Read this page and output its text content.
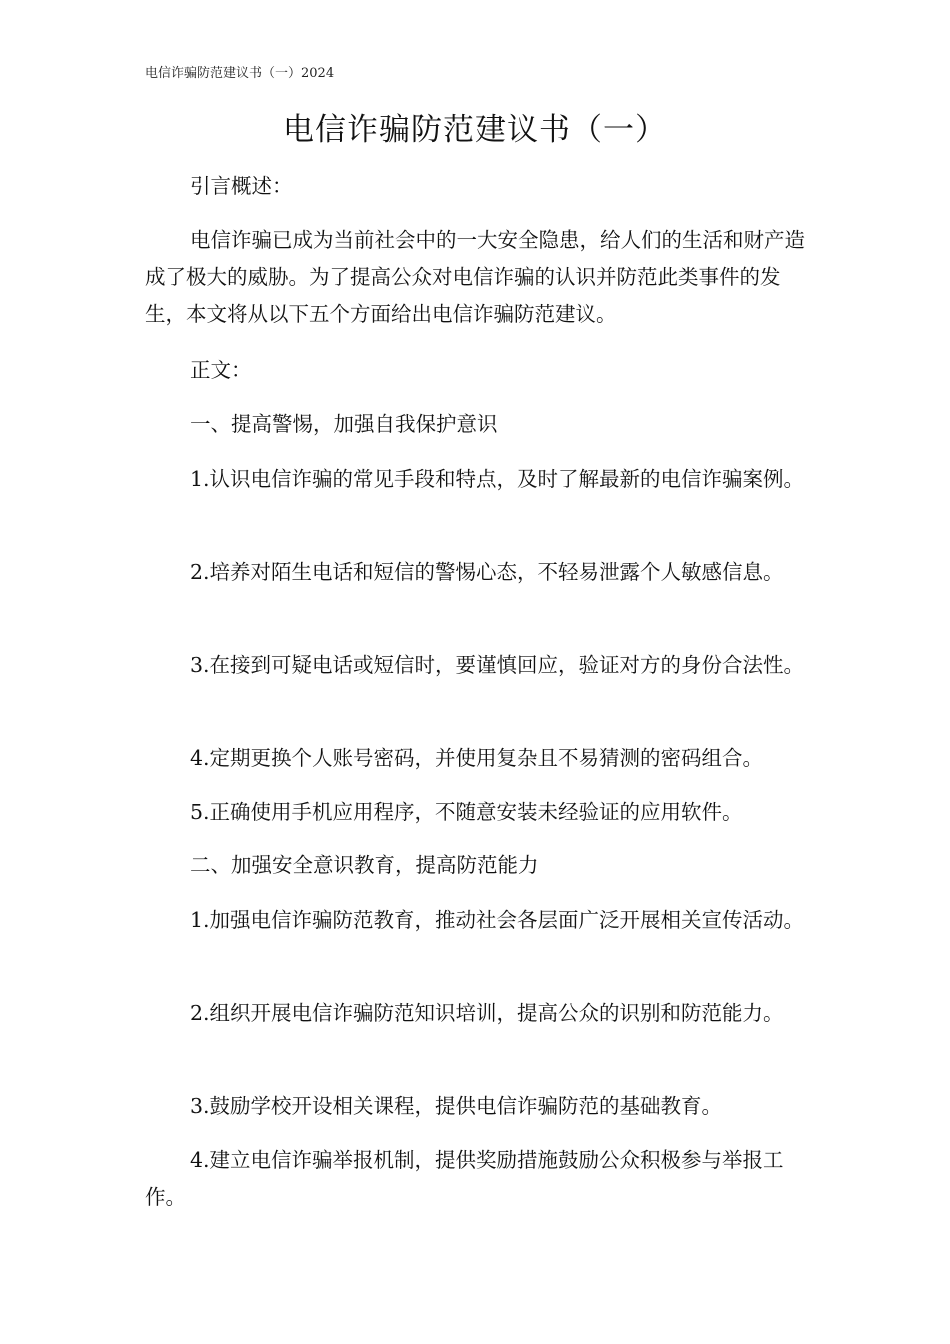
电信诈骗防范建议书（一）2024
电信诈骗防范建议书（一）

引言概述：

电信诈骗已成为当前社会中的一大安全隐患，给人们的生活和财产造成了极大的威胁。为了提高公众对电信诈骗的认识并防范此类事件的发生，本文将从以下五个方面给出电信诈骗防范建议。

正文：

一、提高警惕，加强自我保护意识

1.认识电信诈骗的常见手段和特点，及时了解最新的电信诈骗案例。

2.培养对陌生电话和短信的警惕心态，不轻易泄露个人敏感信息。

3.在接到可疑电话或短信时，要谨慎回应，验证对方的身份合法性。

4.定期更换个人账号密码，并使用复杂且不易猜测的密码组合。

5.正确使用手机应用程序，不随意安装未经验证的应用软件。

二、加强安全意识教育，提高防范能力

1.加强电信诈骗防范教育，推动社会各层面广泛开展相关宣传活动。

2.组织开展电信诈骗防范知识培训，提高公众的识别和防范能力。

3.鼓励学校开设相关课程，提供电信诈骗防范的基础教育。

4.建立电信诈骗举报机制，提供奖励措施鼓励公众积极参与举报工作。
